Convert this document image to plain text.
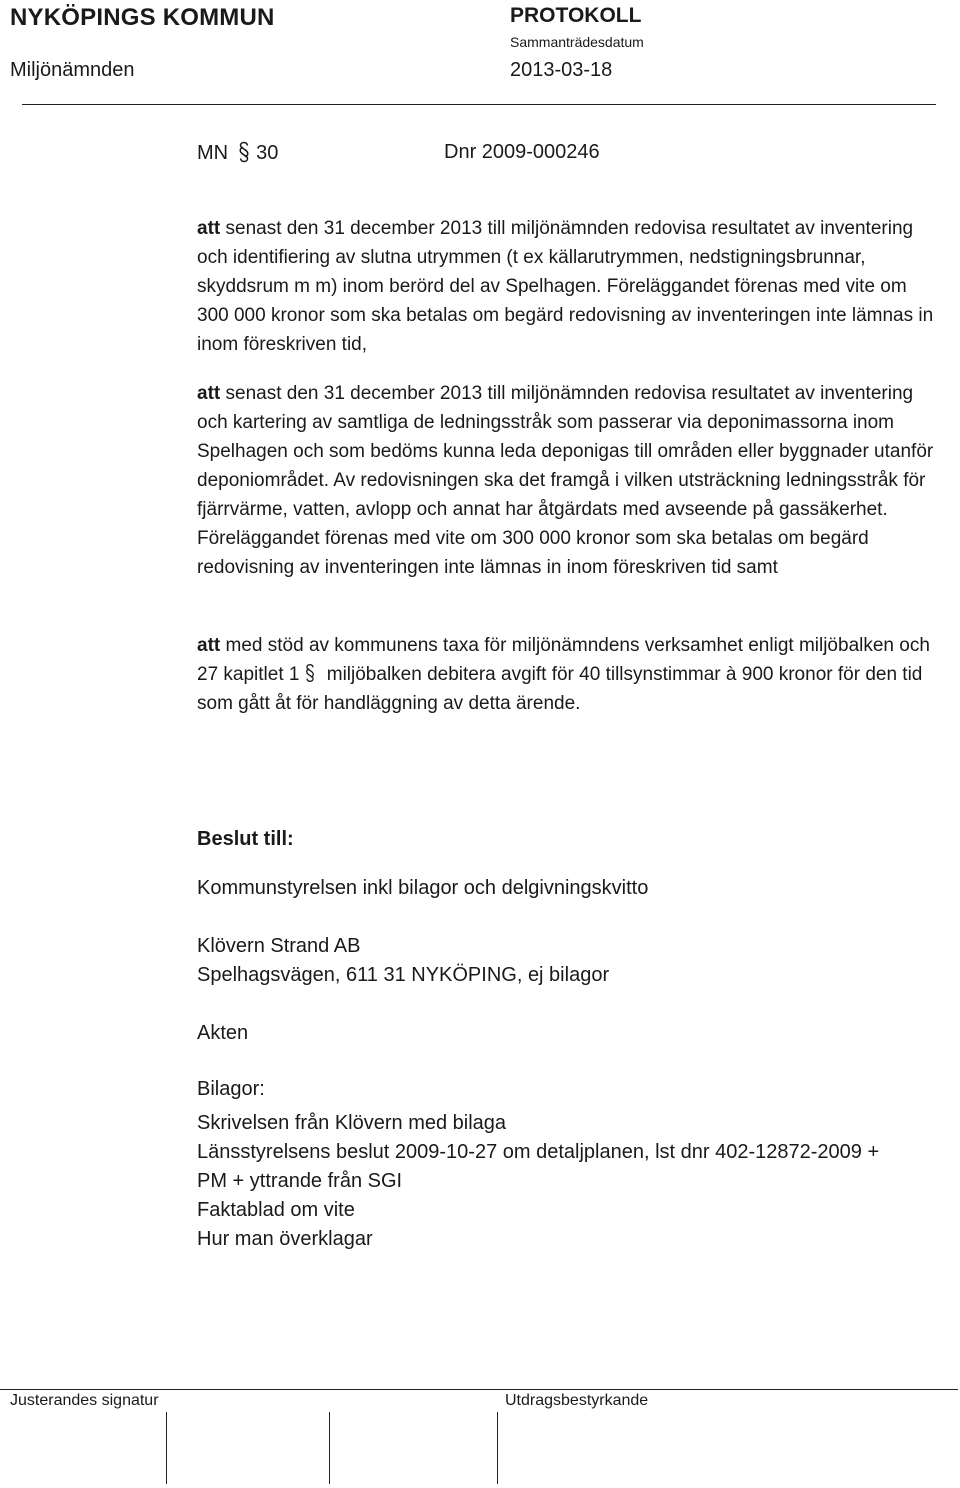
NYKÖPINGS KOMMUN
Miljönämnden
PROTOKOLL
Sammanträdesdatum
2013-03-18
MN 30	Dnr 2009-000246

att senast den 31 december 2013 till miljönämnden redovisa resultatet av inventering och identifiering av slutna utrymmen (t ex källarutrymmen, nedstigningsbrunnar, skyddsrum m m) inom berörd del av Spelhagen. Föreläggandet förenas med vite om 300 000 kronor som ska betalas om begärd redovisning av inventeringen inte lämnas in inom föreskriven tid,

att senast den 31 december 2013 till miljönämnden redovisa resultatet av inventering och kartering av samtliga de ledningsstråk som passerar via deponimassorna inom Spelhagen och som bedöms kunna leda deponigas till områden eller byggnader utanför deponiområdet. Av redovisningen ska det framgå i vilken utsträckning ledningsstråk för fjärrvärme, vatten, avlopp och annat har åtgärdats med avseende på gassäkerhet. Föreläggandet förenas med vite om 300 000 kronor som ska betalas om begärd redovisning av inventeringen inte lämnas in inom föreskriven tid samt

att med stöd av kommunens taxa för miljönämndens verksamhet enligt miljöbalken och 27 kapitlet 1 miljöbalken debitera avgift för 40 tillsynstimmar à 900 kronor för den tid som gått åt för handläggning av detta ärende.

Beslut till:
Kommunstyrelsen inkl bilagor och delgivningskvitto
Klövern Strand AB
Spelhagsvägen, 611 31 NYKÖPING, ej bilagor
Akten
Bilagor:
Skrivelsen från Klövern med bilaga
Länsstyrelsens beslut 2009-10-27 om detaljplanen, lst dnr 402-12872-2009 +
PM + yttrande från SGI
Faktablad om vite
Hur man överklagar
Justerandes signatur	Utdragsbestyrkande
